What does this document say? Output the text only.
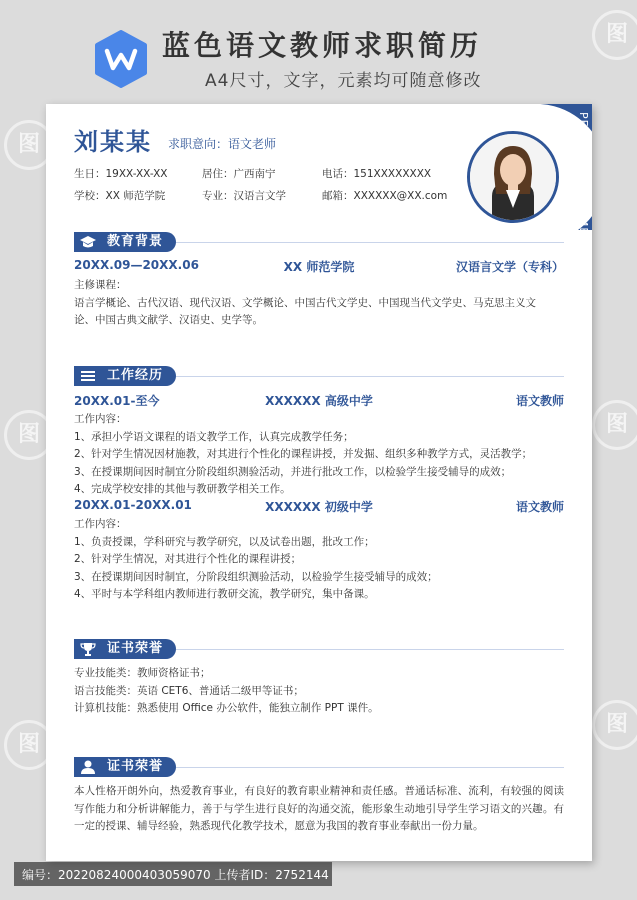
蓝色语文教师求职简历
A4尺寸，文字，元素均可随意修改
图
图
图
图
图
图
PERSONAL RESUME
刘某某 求职意向：语文老师
生日：19XX-XX-XX	居住：广西南宁	电话：151XXXXXXXX
学校：XX 师范学院	专业：汉语言文学	邮箱：XXXXXX@XX.com
教育背景
20XX.09—20XX.06	XX 师范学院	汉语言文学（专科）
主修课程：
语言学概论、古代汉语、现代汉语、文学概论、中国古代文学史、中国现当代文学史、马克思主义文
论、中国古典文献学、汉语史、史学等。
工作经历
20XX.01-至今	XXXXXX 高级中学	语文教师
工作内容：
1、承担小学语文课程的语文教学工作，认真完成教学任务；
2、针对学生情况因材施教，对其进行个性化的课程讲授，并发掘、组织多种教学方式，灵活教学；
3、在授课期间因时制宜分阶段组织测验活动，并进行批改工作，以检验学生接受辅导的成效；
4、完成学校安排的其他与教研教学相关工作。
20XX.01-20XX.01	XXXXXX 初级中学	语文教师
工作内容：
1、负责授课，学科研究与教学研究，以及试卷出题，批改工作；
2、针对学生情况，对其进行个性化的课程讲授；
3、在授课期间因时制宜，分阶段组织测验活动，以检验学生接受辅导的成效；
4、平时与本学科组内教师进行教研交流，教学研究，集中备课。
证书荣誉
专业技能类：教师资格证书；
语言技能类：英语 CET6、普通话二级甲等证书；
计算机技能：熟悉使用 Office 办公软件，能独立制作 PPT 课件。
证书荣誉
本人性格开朗外向，热爱教育事业，有良好的教育职业精神和责任感。普通话标准、流利，有较强的阅读写作能力和分析讲解能力，善于与学生进行良好的沟通交流，能形象生动地引导学生学习语文的兴趣。有一定的授课、辅导经验，熟悉现代化教学技术，愿意为我国的教育事业奉献出一份力量。
编号：20220824000403059070 上传者ID：2752144
